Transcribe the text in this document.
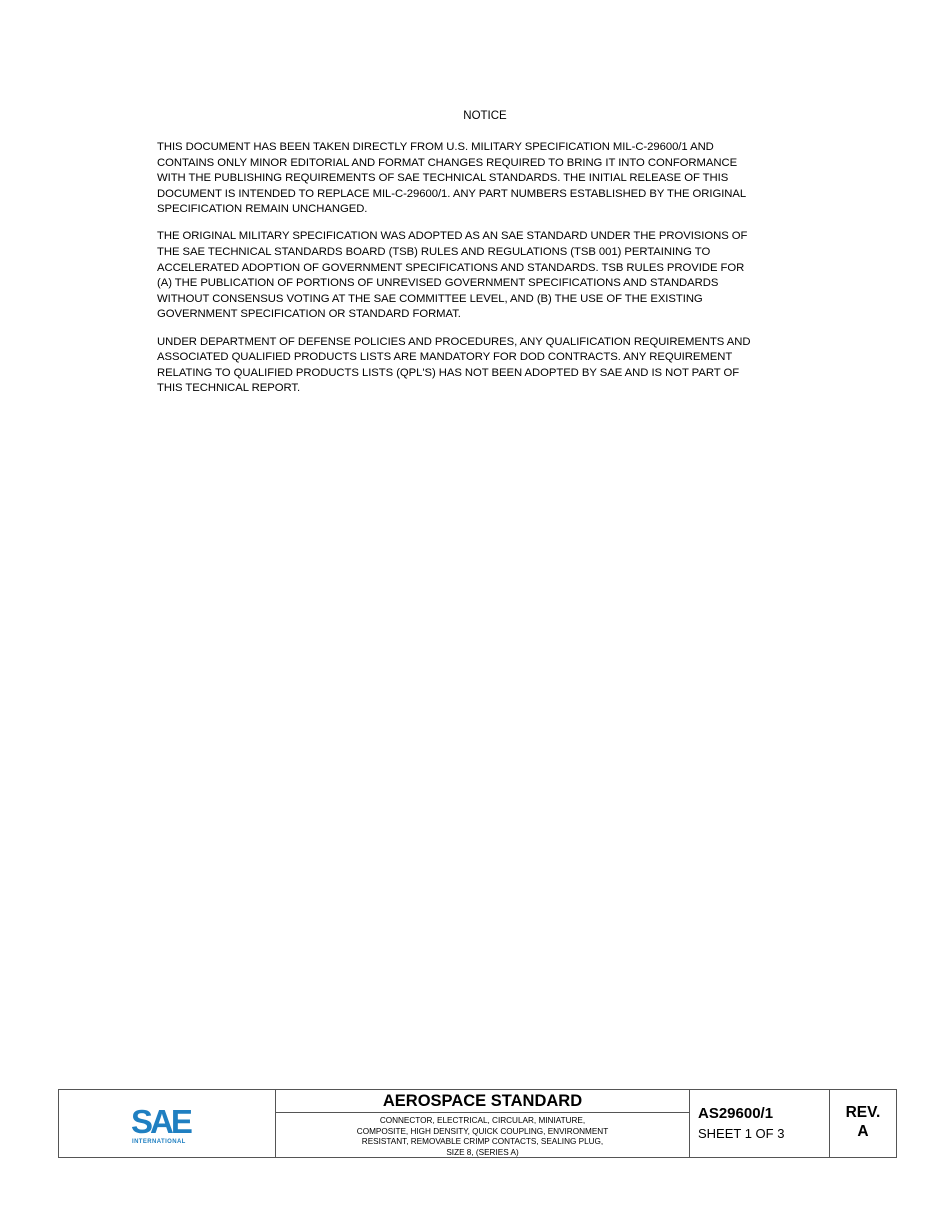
NOTICE

THIS DOCUMENT HAS BEEN TAKEN DIRECTLY FROM U.S. MILITARY SPECIFICATION MIL-C-29600/1 AND
CONTAINS ONLY MINOR EDITORIAL AND FORMAT CHANGES REQUIRED TO BRING IT INTO CONFORMANCE
WITH THE PUBLISHING REQUIREMENTS OF SAE TECHNICAL STANDARDS. THE INITIAL RELEASE OF THIS
DOCUMENT IS INTENDED TO REPLACE MIL-C-29600/1. ANY PART NUMBERS ESTABLISHED BY THE ORIGINAL
SPECIFICATION REMAIN UNCHANGED.

THE ORIGINAL MILITARY SPECIFICATION WAS ADOPTED AS AN SAE STANDARD UNDER THE PROVISIONS OF
THE SAE TECHNICAL STANDARDS BOARD (TSB) RULES AND REGULATIONS (TSB 001) PERTAINING TO
ACCELERATED ADOPTION OF GOVERNMENT SPECIFICATIONS AND STANDARDS. TSB RULES PROVIDE FOR
(A) THE PUBLICATION OF PORTIONS OF UNREVISED GOVERNMENT SPECIFICATIONS AND STANDARDS
WITHOUT CONSENSUS VOTING AT THE SAE COMMITTEE LEVEL, AND (B) THE USE OF THE EXISTING
GOVERNMENT SPECIFICATION OR STANDARD FORMAT.

UNDER DEPARTMENT OF DEFENSE POLICIES AND PROCEDURES, ANY QUALIFICATION REQUIREMENTS AND
ASSOCIATED QUALIFIED PRODUCTS LISTS ARE MANDATORY FOR DOD CONTRACTS. ANY REQUIREMENT
RELATING TO QUALIFIED PRODUCTS LISTS (QPL'S) HAS NOT BEEN ADOPTED BY SAE AND IS NOT PART OF
THIS TECHNICAL REPORT.

SAE
INTERNATIONAL
AEROSPACE STANDARD
CONNECTOR, ELECTRICAL, CIRCULAR, MINIATURE,
COMPOSITE, HIGH DENSITY, QUICK COUPLING, ENVIRONMENT
RESISTANT, REMOVABLE CRIMP CONTACTS, SEALING PLUG,
SIZE 8, (SERIES A)
AS29600/1
SHEET 1 OF 3
REV.
A
